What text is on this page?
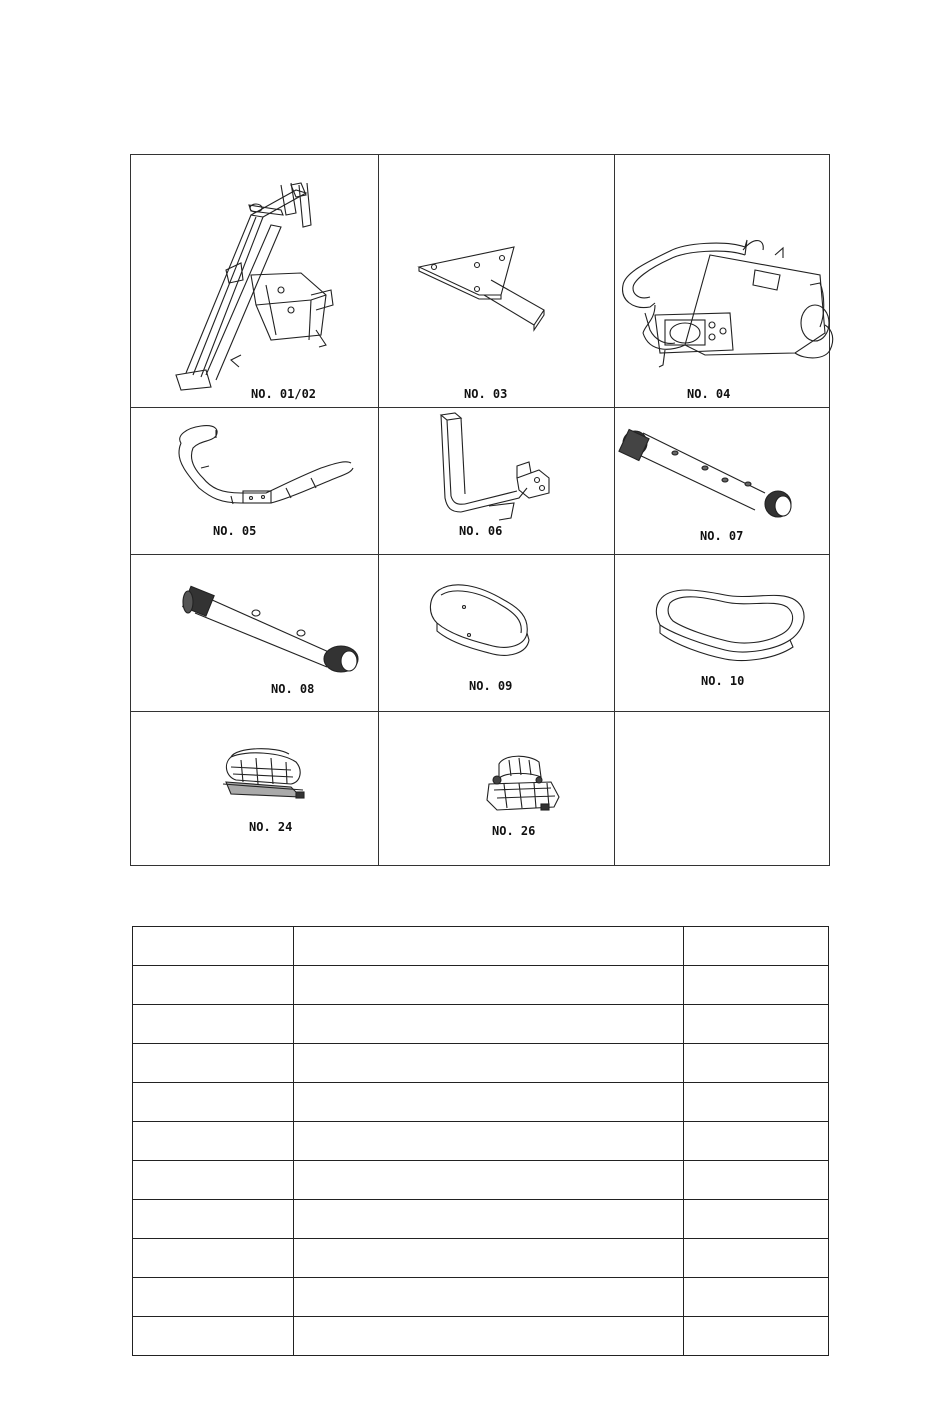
NO. 01/02	NO. 03	NO. 04
NO. 05	NO. 06	NO. 07
NO. 08	NO. 09	NO. 10
NO. 24	NO. 26
